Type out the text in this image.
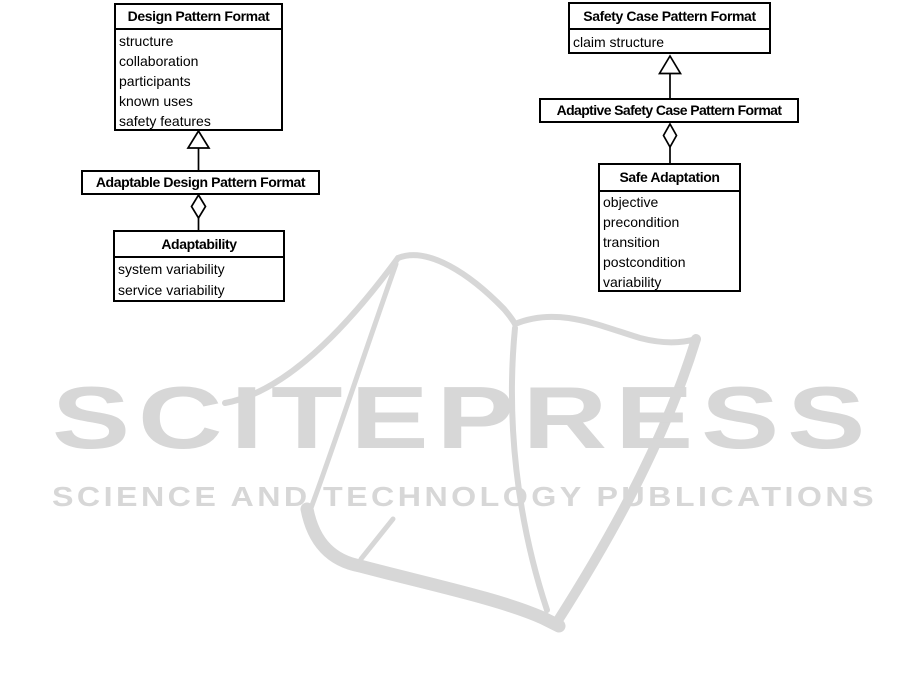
SCITEPRESS
SCIENCE AND TECHNOLOGY PUBLICATIONS
Design Pattern Format
structure
collaboration
participants
known uses
safety features
Adaptable Design Pattern Format
Adaptability
system variability
service variability
Safety Case Pattern Format
claim structure
Adaptive Safety Case Pattern Format
Safe Adaptation
objective
precondition
transition
postcondition
variability
